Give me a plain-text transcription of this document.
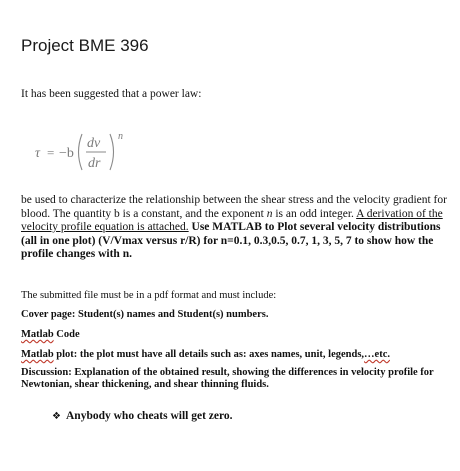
Project BME 396
It has been suggested that a power law:
τ = −b
dv
dr
n
be used to characterize the relationship between the shear stress and the velocity gradient for blood. The quantity b is a constant, and the exponent n is an odd integer. A derivation of the velocity profile equation is attached. Use MATLAB to Plot several velocity distributions (all in one plot) (V/Vmax versus r/R) for n=0.1, 0.3,0.5, 0.7, 1, 3, 5, 7 to show how the profile changes with n.
The submitted file must be in a pdf format and must include:
Cover page: Student(s) names and Student(s) numbers.
Matlab Code
Matlab plot: the plot must have all details such as: axes names, unit, legends,…etc.
Discussion: Explanation of the obtained result, showing the differences in velocity profile for Newtonian, shear thickening, and shear thinning fluids.
❖ Anybody who cheats will get zero.
